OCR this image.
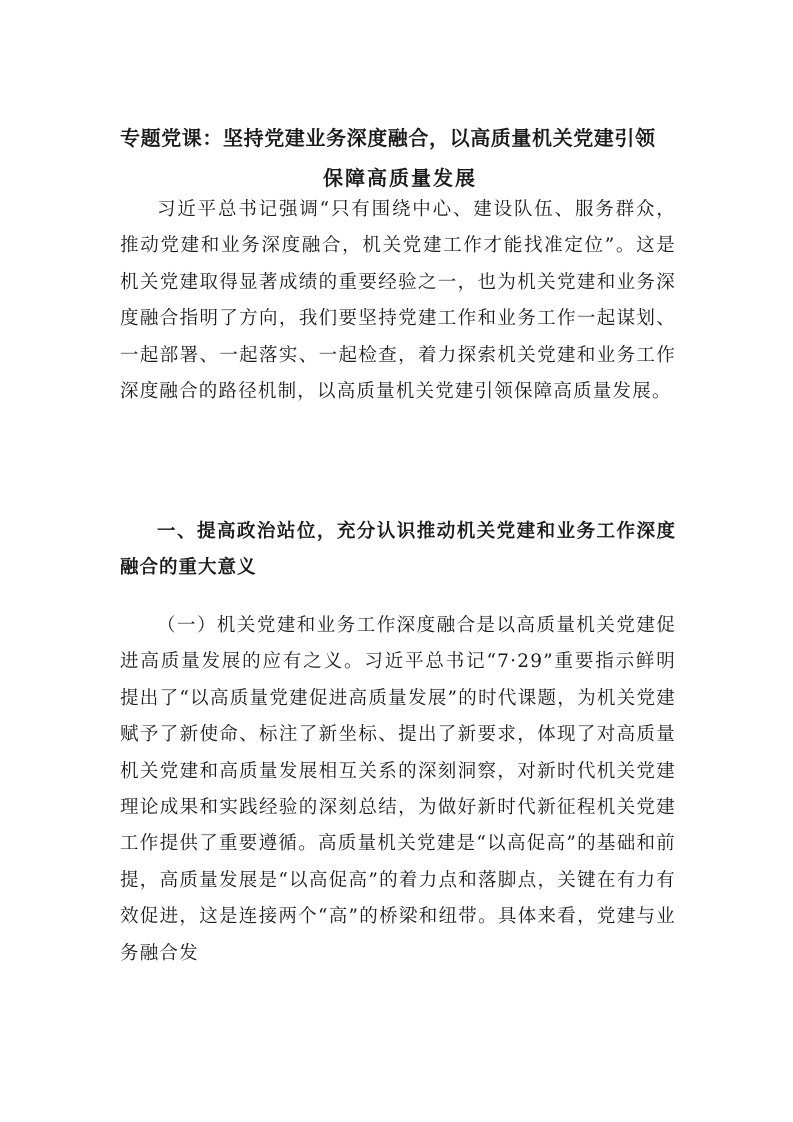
专题党课：坚持党建业务深度融合，以高质量机关党建引领
保障高质量发展

习近平总书记强调“只有围绕中心、建设队伍、服务群众，推动党建和业务深度融合，机关党建工作才能找准定位”。这是机关党建取得显著成绩的重要经验之一，也为机关党建和业务深度融合指明了方向，我们要坚持党建工作和业务工作一起谋划、一起部署、一起落实、一起检查，着力探索机关党建和业务工作深度融合的路径机制，以高质量机关党建引领保障高质量发展。

一、提高政治站位，充分认识推动机关党建和业务工作深度融合的重大意义

（一）机关党建和业务工作深度融合是以高质量机关党建促进高质量发展的应有之义。习近平总书记“7·29”重要指示鲜明提出了“以高质量党建促进高质量发展”的时代课题，为机关党建赋予了新使命、标注了新坐标、提出了新要求，体现了对高质量机关党建和高质量发展相互关系的深刻洞察，对新时代机关党建理论成果和实践经验的深刻总结，为做好新时代新征程机关党建工作提供了重要遵循。高质量机关党建是“以高促高”的基础和前提，高质量发展是“以高促高”的着力点和落脚点，关键在有力有效促进，这是连接两个“高”的桥梁和纽带。具体来看，党建与业务融合发
